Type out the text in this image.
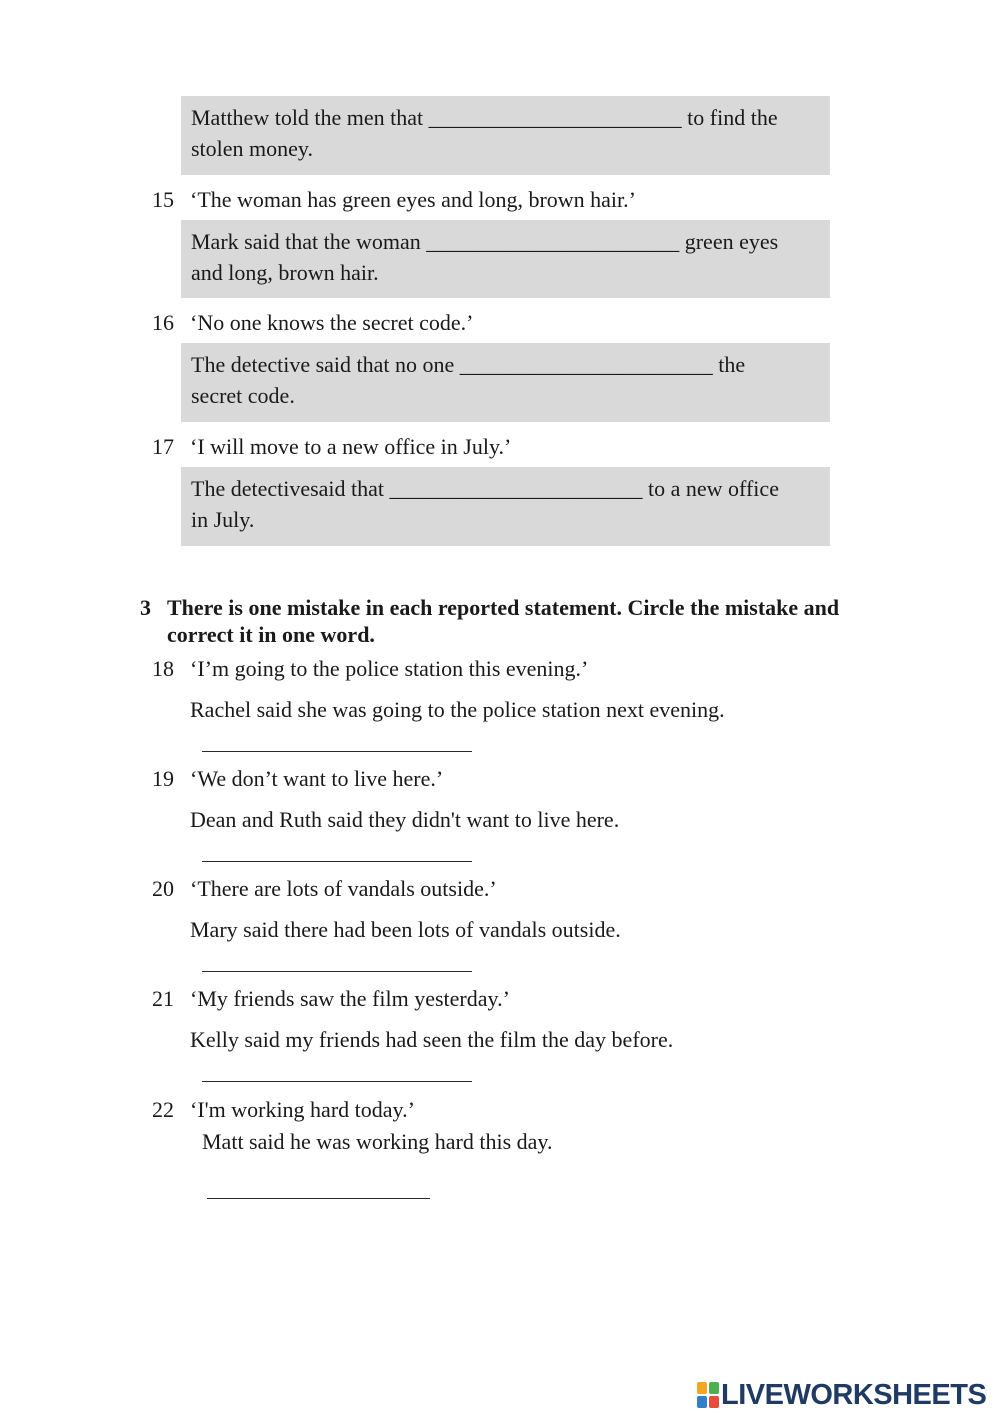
Matthew told the men that _______________________ to find the
stolen money.
15 ‘The woman has green eyes and long, brown hair.’
Mark said that the woman _______________________ green eyes
and long, brown hair.
16 ‘No one knows the secret code.’
The detective said that no one _______________________ the
secret code.
17 ‘I will move to a new office in July.’
The detectivesaid that _______________________ to a new office
in July.
3 There is one mistake in each reported statement. Circle the mistake and correct it in one word.
18 ‘I’m going to the police station this evening.’
Rachel said she was going to the police station next evening.
19 ‘We don’t want to live here.’
Dean and Ruth said they didn't want to live here.
20 ‘There are lots of vandals outside.’
Mary said there had been lots of vandals outside.
21 ‘My friends saw the film yesterday.’
Kelly said my friends had seen the film the day before.
22 ‘I'm working hard today.’
Matt said he was working hard this day.
LIVEWORKSHEETS
